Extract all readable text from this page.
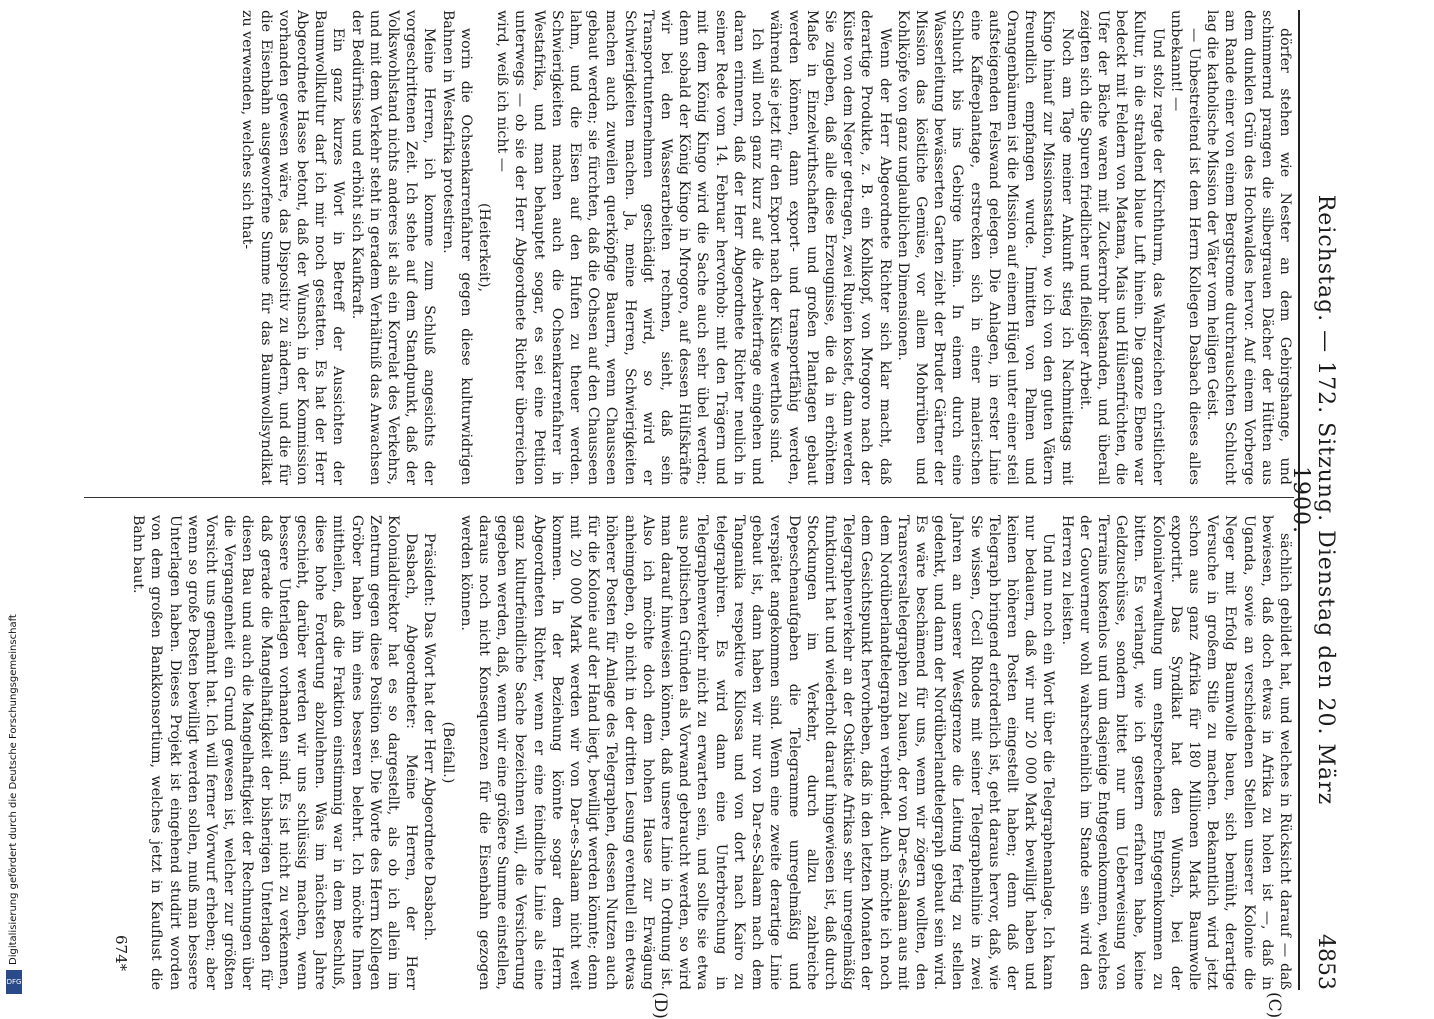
Digitalisierung gefördert durch die Deutsche Forschungsgemeinschaft
DFG
Reichstag. — 172. Sitzung. Dienstag den 20. März 1900.
4853
(C)
(D)

dörfer stehen wie Nester an dem Gebirgshange, und schimmernd prangen die silbergrauen Dächer der Hütten aus dem dunklen Grün des Hochwaldes hervor. Auf einem Vorberge am Rande einer von einem Bergstrome durchrauschten Schlucht lag die katholische Mission der Väter vom heiligen Geist.

— Unbestreitend ist dem Herrn Kollegen Dasbach dieses alles unbekannt! —

Und stolz ragte der Kirchthurm, das Wahrzeichen christlicher Kultur, in die strahlend blaue Luft hinein. Die ganze Ebene war bedeckt mit Feldern von Matama, Mais und Hülsenfrüchten, die Ufer der Bäche waren mit Zuckerrohr bestanden, und überall zeigten sich die Spuren friedlicher und fleißiger Arbeit.

Noch am Tage meiner Ankunft stieg ich Nachmittags mit Kingo hinauf zur Missionsstation, wo ich von den guten Vätern freundlich empfangen wurde. Inmitten von Palmen und Orangenbäumen ist die Mission auf einem Hügel unter einer steil aufsteigenden Felswand gelegen. Die Anlagen, in erster Linie eine Kaffeeplantage, erstrecken sich in einer malerischen Schlucht bis ins Gebirge hinein. In einem durch eine Wasserleitung bewässerten Garten zieht der Bruder Gärtner der Mission das köstliche Gemüse, vor allem Mohrrüben und Kohlköpfe von ganz unglaublichen Dimensionen.

Wenn der Herr Abgeordnete Richter sich klar macht, daß derartige Produkte, z. B. ein Kohlkopf, von Mrogoro nach der Küste von dem Neger getragen, zwei Rupien kostet, dann werden Sie zugeben, daß alle diese Erzeugnisse, die da in erhöhtem Maße in Einzelwirthschaften und großen Plantagen gebaut werden können, dann export- und transportfähig werden, während sie jetzt für den Export nach der Küste werthlos sind.

Ich will noch ganz kurz auf die Arbeiterfrage eingehen und daran erinnern, daß der Herr Abgeordnete Richter neulich in seiner Rede vom 14. Februar hervorhob: mit den Trägern und mit dem König Kingo wird die Sache auch sehr übel werden; denn sobald der König Kingo in Mrogoro, auf dessen Hülfskräfte wir bei den Wasserarbeiten rechnen, sieht, daß sein Transportunternehmen geschädigt wird, so wird er Schwierigkeiten machen. Ja, meine Herren, Schwierigkeiten machen auch zuweilen querköpfige Bauern, wenn Chausseen gebaut werden; sie fürchten, daß die Ochsen auf den Chausseen lahm, und die Eisen auf den Hufen zu theuer werden. Schwierigkeiten machen auch die Ochsenkarrenfahrer in Westafrika, und man behauptet sogar, es sei eine Petition unterwegs — ob sie der Herr Abgeordnete Richter überreichen wird, weiß ich nicht —

(Heiterkeit),

worin die Ochsenkarrenfahrer gegen diese kulturwidrigen Bahnen in Westafrika protestiren.

Meine Herren, ich komme zum Schluß angesichts der vorgeschrittenen Zeit. Ich stehe auf dem Standpunkt, daß der Volkswohlstand nichts anderes ist als ein Korrelat des Verkehrs, und mit dem Verkehr steht in geradem Verhältniß das Anwachsen der Bedürfnisse und erhöht sich Kaufkraft.

Ein ganz kurzes Wort in Betreff der Aussichten der Baumwollkultur darf ich mir noch gestatten. Es hat der Herr Abgeordnete Hasse betont, daß der Wunsch in der Kommission vorhanden gewesen wäre, das Dispositiv zu ändern, und die für die Eisenbahn ausgeworfene Summe für das Baumwollsyndikat zu verwenden, welches sich that-

sächlich gebildet hat, und welches in Rücksicht darauf — daß bewiesen, daß doch etwas in Afrika zu holen ist —, daß in Uganda, sowie an verschiedenen Stellen unserer Kolonie die Neger mit Erfolg Baumwolle bauen, sich bemüht, derartige Versuche in großem Stile zu machen. Bekanntlich wird jetzt schon aus ganz Afrika für 180 Millionen Mark Baumwolle exportirt. Das Syndikat hat den Wunsch, bei der Kolonialverwaltung um entsprechendes Entgegenkommen zu bitten. Es verlangt, wie ich gestern erfahren habe, keine Geldzuschüsse, sondern bittet nur um Ueberweisung von Terrains kostenlos und um dasjenige Entgegenkommen, welches der Gouverneur wohl wahrscheinlich im Stande sein wird den Herren zu leisten.

Und nun noch ein Wort über die Telegraphenanlage. Ich kann nur bedauern, daß wir nur 20 000 Mark bewilligt haben und keinen höheren Posten eingestellt haben; denn daß der Telegraph bringend erforderlich ist, geht daraus hervor, daß, wie Sie wissen, Cecil Rhodes mit seiner Telegraphenlinie in zwei Jahren an unserer Westgrenze die Leitung fertig zu stellen gedenkt, und dann der Nordüberlandtelegraph gebaut sein wird. Es wäre beschämend für uns, wenn wir zögern wollten, den Transversaltelegraphen zu bauen, der von Dar-es-Salaam aus mit dem Nordüberlandtelegraphen verbindet. Auch möchte ich noch dem Gesichtspunkt hervorheben, daß in den letzten Monaten der Telegraphenverkehr an der Ostküste Afrikas sehr unregelmäßig funktionirt hat und wiederholt darauf hingewiesen ist, daß durch Stockungen im Verkehr, durch allzu zahlreiche Depeschenaufgaben die Telegramme unregelmäßig und verspätet angekommen sind. Wenn eine zweite derartige Linie gebaut ist, dann haben wir nur von Dar-es-Salaam nach dem Tanganika respektive Kilossa und von dort nach Kairo zu telegraphiren. Es wird dann eine Unterbrechung in Telegraphenverkehr nicht zu erwarten sein, und sollte sie etwa aus politischen Gründen als Vorwand gebraucht werden, so wird man darauf hinweisen können, daß unsere Linie in Ordnung ist. Also ich möchte doch dem hohen Hause zur Erwägung anheimgeben, ob nicht in der dritten Lesung eventuell ein etwas höherer Posten für Anlage des Telegraphen, dessen Nutzen auch für die Kolonie auf der Hand liegt, bewilligt werden könnte; denn mit 20 000 Mark werden wir von Dar-es-Salaam nicht weit kommen. In der Beziehung könnte sogar dem Herrn Abgeordneten Richter, wenn er eine feindliche Linie als eine ganz kulturfeindliche Sache bezeichnen will, die Versicherung gegeben werden, daß, wenn wir eine größere Summe einstellen, daraus noch nicht Konsequenzen für die Eisenbahn gezogen werden können.

(Beifall.)

Präsident: Das Wort hat der Herr Abgeordnete Dasbach.

Dasbach, Abgeordneter: Meine Herren, der Herr Kolonialdirektor hat es so dargestellt, als ob ich allein im Zentrum gegen diese Position sei. Die Worte des Herrn Kollegen Gröber haben ihn eines besseren belehrt. Ich möchte Ihnen mittheilen, daß die Fraktion einstimmig war in dem Beschluß, diese hohe Forderung abzulehnen. Was im nächsten Jahre geschieht, darüber werden wir uns schlüssig machen, wenn bessere Unterlagen vorhanden sind. Es ist nicht zu verkennen, daß gerade die Mangelhaftigkeit der bisherigen Unterlagen für diesen Bau und auch die Mangelhaftigkeit der Rechnungen über die Vergangenheit ein Grund gewesen ist, welcher zur größten Vorsicht uns gemahnt hat. Ich will ferner Vorwurf erheben; aber wenn so große Posten bewilligt werden sollen, muß man bessere Unterlagen haben. Dieses Projekt ist eingehend studirt worden von dem großen Bankkonsortium, welches jetzt in Kauflust die Bahn baut.

674*
